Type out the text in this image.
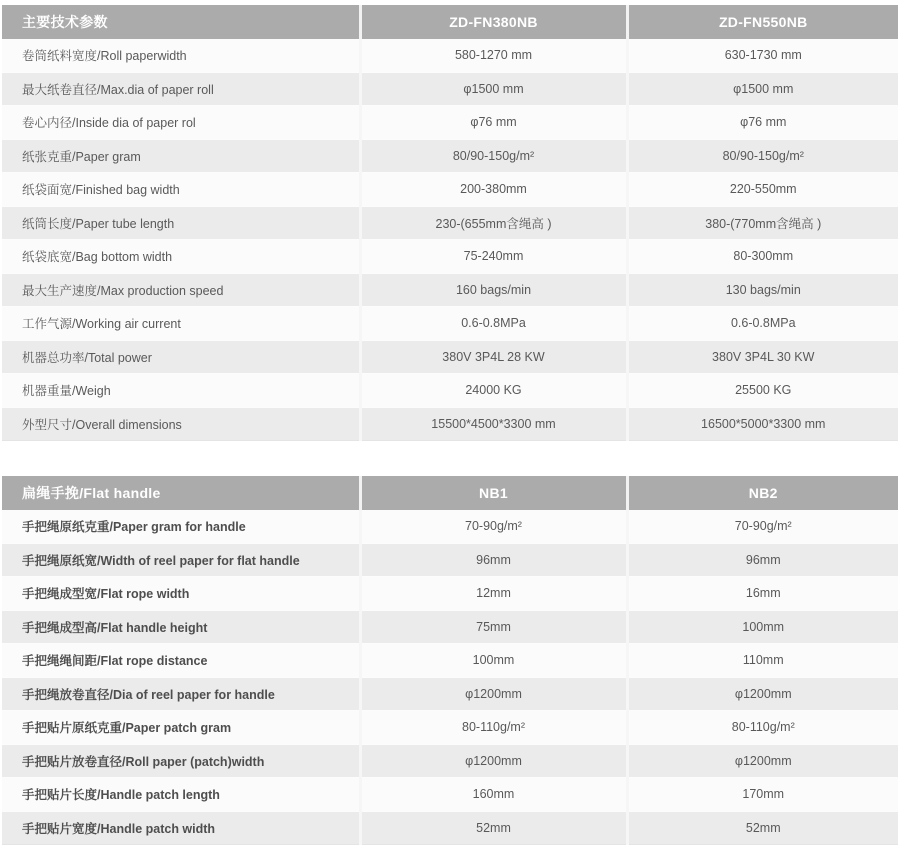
主要技术参数	ZD-FN380NB	ZD-FN550NB
卷筒纸料宽度/Roll paperwidth	580-1270 mm	630-1730 mm
最大纸卷直径/Max.dia of paper roll	φ1500 mm	φ1500 mm
卷心内径/Inside dia of paper rol	φ76 mm	φ76 mm
纸张克重/Paper gram	80/90-150g/m²	80/90-150g/m²
纸袋面宽/Finished bag width	200-380mm	220-550mm
纸筒长度/Paper tube length	230-(655mm含绳高 )	380-(770mm含绳高 )
纸袋底宽/Bag bottom width	75-240mm	80-300mm
最大生产速度/Max production speed	160 bags/min	130 bags/min
工作气源/Working air current	0.6-0.8MPa	0.6-0.8MPa
机器总功率/Total power	380V 3P4L 28 KW	380V 3P4L 30 KW
机器重量/Weigh	24000 KG	25500 KG
外型尺寸/Overall dimensions	15500*4500*3300 mm	16500*5000*3300 mm
扁绳手挽/Flat handle	NB1	NB2
手把绳原纸克重/Paper gram for handle	70-90g/m²	70-90g/m²
手把绳原纸宽/Width of reel paper for flat handle	96mm	96mm
手把绳成型宽/Flat rope width	12mm	16mm
手把绳成型高/Flat handle height	75mm	100mm
手把绳绳间距/Flat rope distance	100mm	110mm
手把绳放卷直径/Dia of reel paper for handle	φ1200mm	φ1200mm
手把贴片原纸克重/Paper patch gram	80-110g/m²	80-110g/m²
手把贴片放卷直径/Roll paper (patch)width	φ1200mm	φ1200mm
手把贴片长度/Handle patch length	160mm	170mm
手把贴片宽度/Handle patch width	52mm	52mm
